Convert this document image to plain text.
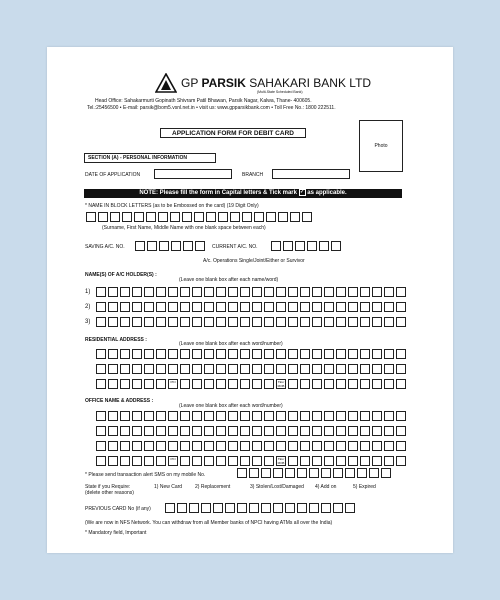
GP PARSIK SAHAKARI BANK LTD
(Multi-State Scheduled Bank)
Head Office: Sahakarmurti Gopinath Shivram Patil Bhawan, Parsik Nagar, Kalwa, Thane- 400605.
Tel.:25456500 • E-mail: parsik@bom5.vsnl.net.in • visit us: www.gpparsikbank.com • Toll Free No.: 1800 222511.
APPLICATION FORM FOR DEBIT CARD
Photo
SECTION (A) - PERSONAL INFORMATION
DATE OF APPLICATION	BRANCH
NOTE: Please fill the form in Capital letters & Tick mark ✓ as applicable.
* NAME IN BLOCK LETTERS (as to be Embossed on the card) (19 Digit Only)
(Surname, First Name, Middle Name with one blank space between each)
SAVING A/C. NO.	CURRENT A/C. NO.
A/c. Operations Single/Joint/Either or Survivor
NAME(S) OF A/C HOLDER(S) :
(Leave one blank box after each name/word)
1)
2)
3)
RESIDENTIAL ADDRESS :
(Leave one blank box after each word/number)
PIN	TEL/ MOB
OFFICE NAME & ADDRESS :
(Leave one blank box after each word/number)
PIN	TEL/ MOB
* Please send transaction alert SMS on my mobile No.
State if you Require:
(delete other reasons)
1) New Card	2) Replacement	3) Stolen/Lost/Damaged 4) Add on	5) Expired
PREVIOUS CARD No (if any)
(We are now in NFS Network. You can withdraw from all Member banks of NPCI having ATMs all over the India)
* Mandatory field, Important
